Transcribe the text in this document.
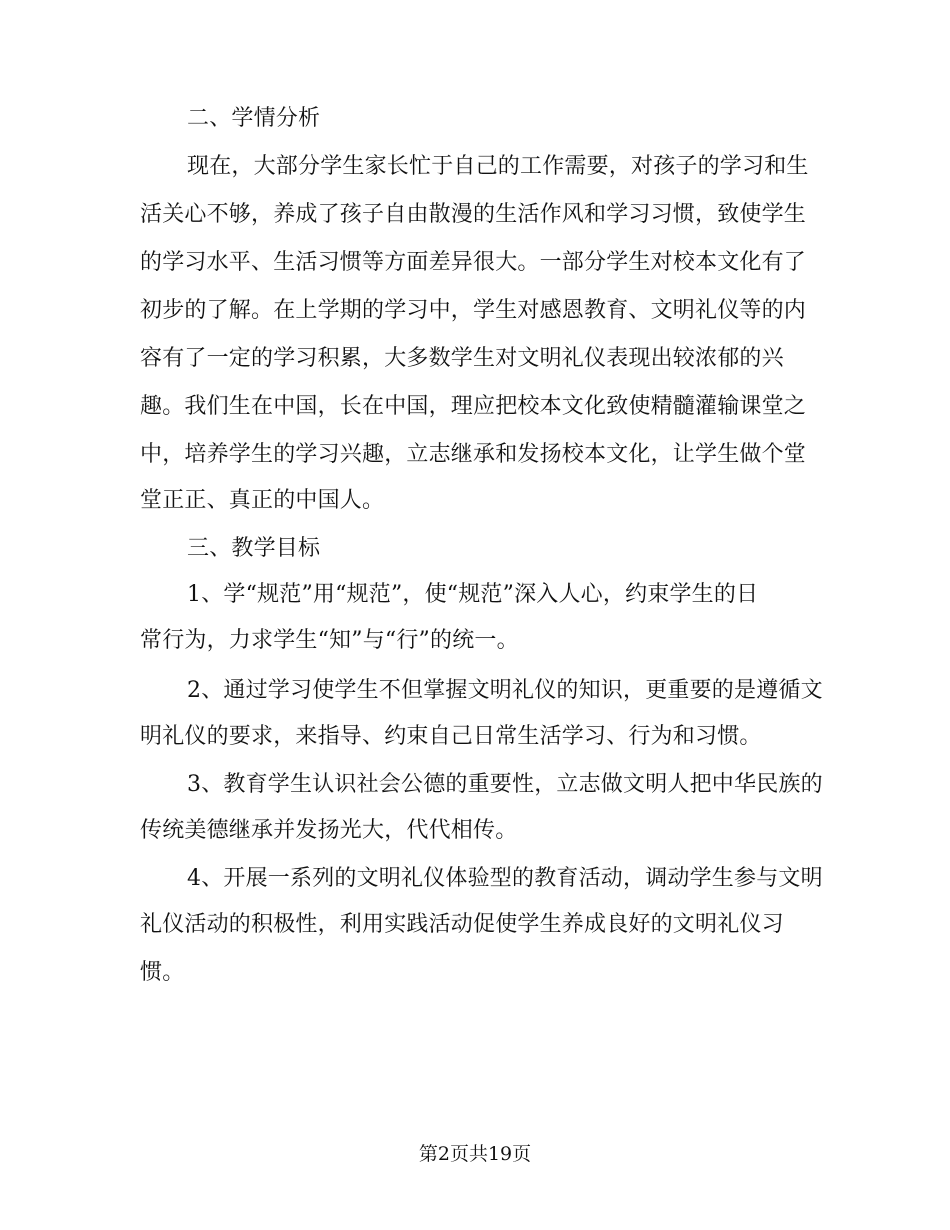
二、学情分析
现在，大部分学生家长忙于自己的工作需要，对孩子的学习和生
活关心不够，养成了孩子自由散漫的生活作风和学习习惯，致使学生
的学习水平、生活习惯等方面差异很大。一部分学生对校本文化有了
初步的了解。在上学期的学习中，学生对感恩教育、文明礼仪等的内
容有了一定的学习积累，大多数学生对文明礼仪表现出较浓郁的兴
趣。我们生在中国，长在中国，理应把校本文化致使精髓灌输课堂之
中，培养学生的学习兴趣，立志继承和发扬校本文化，让学生做个堂
堂正正、真正的中国人。
三、教学目标
1、学“规范”用“规范”，使“规范”深入人心，约束学生的日
常行为，力求学生“知”与“行”的统一。
2、通过学习使学生不但掌握文明礼仪的知识，更重要的是遵循文
明礼仪的要求，来指导、约束自己日常生活学习、行为和习惯。
3、教育学生认识社会公德的重要性，立志做文明人把中华民族的
传统美德继承并发扬光大，代代相传。
4、开展一系列的文明礼仪体验型的教育活动，调动学生参与文明
礼仪活动的积极性，利用实践活动促使学生养成良好的文明礼仪习
惯。
第2页共19页
